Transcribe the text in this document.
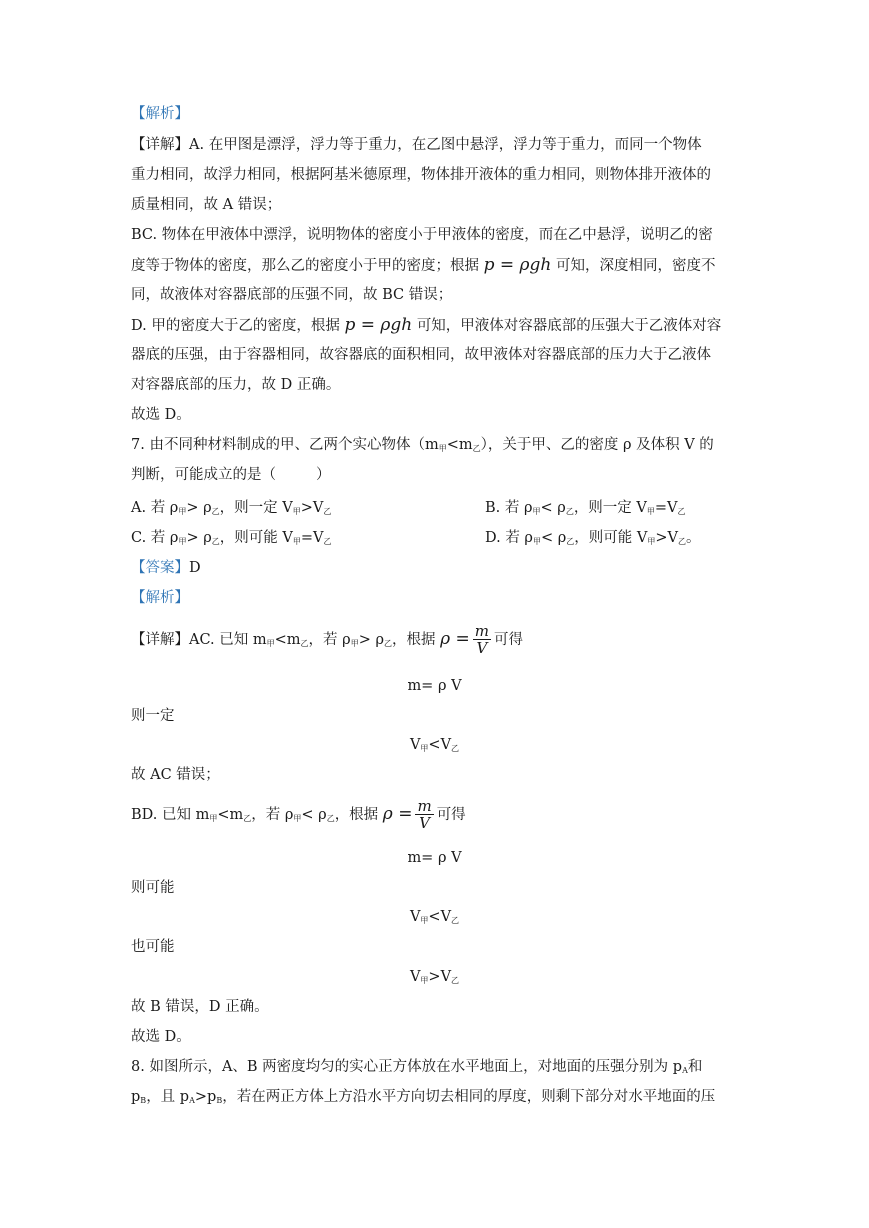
【解析】
【详解】A. 在甲图是漂浮，浮力等于重力，在乙图中悬浮，浮力等于重力，而同一个物体
重力相同，故浮力相同，根据阿基米德原理，物体排开液体的重力相同，则物体排开液体的
质量相同，故 A 错误；
BC. 物体在甲液体中漂浮，说明物体的密度小于甲液体的密度，而在乙中悬浮，说明乙的密
度等于物体的密度，那么乙的密度小于甲的密度；根据 p = ρgh 可知，深度相同，密度不
同，故液体对容器底部的压强不同，故 BC 错误；
D. 甲的密度大于乙的密度，根据 p = ρgh 可知，甲液体对容器底部的压强大于乙液体对容
器底的压强，由于容器相同，故容器底的面积相同，故甲液体对容器底部的压力大于乙液体
对容器底部的压力，故 D 正确。
故选 D。
7. 由不同种材料制成的甲、乙两个实心物体$(m_甲<m_乙)$，关于甲、乙的密度 ρ 及体积 V 的
判断，可能成立的是（	）
A. 若 $\rho_甲> \rho_乙$，则一定 $V_甲>V_乙$	B. 若 $\rho_甲< \rho_乙$，则一定 $V_甲=V_乙$
C. 若 $\rho_甲> \rho_乙$，则可能 $V_甲=V_乙$	D. 若 $\rho_甲< \rho_乙$，则可能 $V_甲>V_乙$。
【答案】D
【解析】
【详解】AC. 已知 $m_甲<m_乙$，若 $\rho_甲> \rho_乙$，根据 $\rho = \frac{m}{V}$ 可得
m= ρ V
则一定
$V_甲<V_乙$
故 AC 错误；
BD. 已知 $m_甲<m_乙$，若 $\rho_甲< \rho_乙$，根据 $\rho = \frac{m}{V}$ 可得
m= ρ V
则可能
$V_甲<V_乙$
也可能
$V_甲>V_乙$
故 B 错误，D 正确。
故选 D。
8. 如图所示，A、B 两密度均匀的实心正方体放在水平地面上，对地面的压强分别为 $p_A$和
$p_B$，且 $p_A>p_B$，若在两正方体上方沿水平方向切去相同的厚度，则剩下部分对水平地面的压
